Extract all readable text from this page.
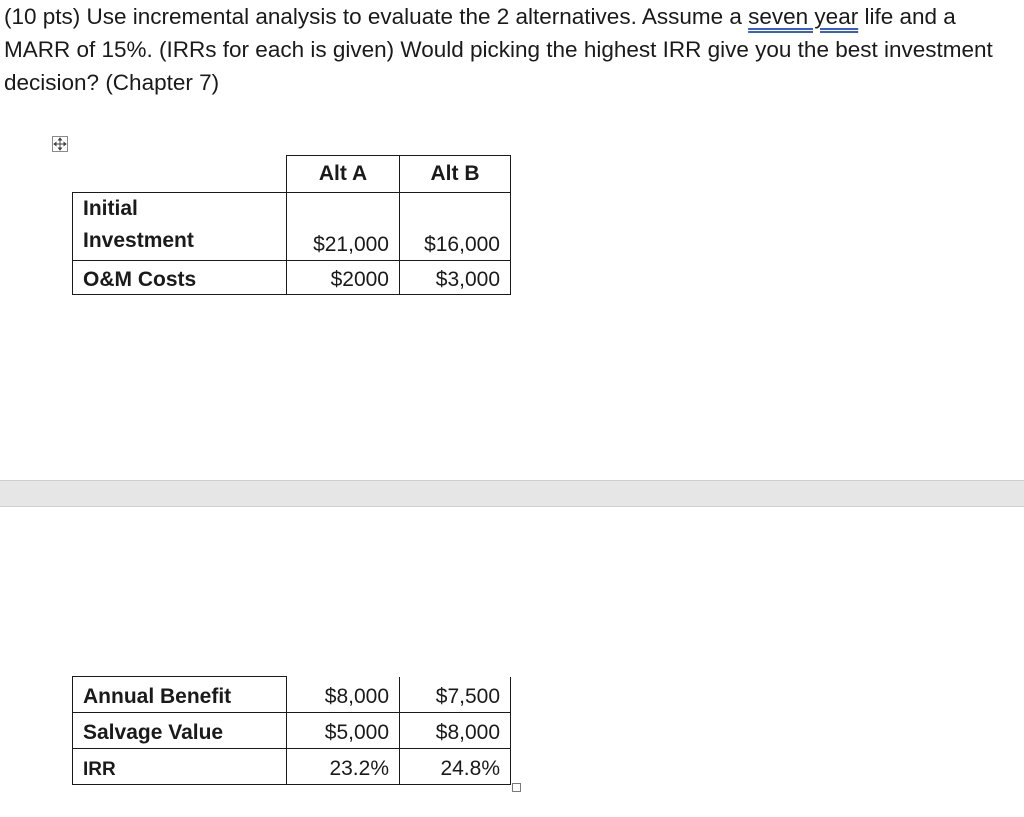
(10 pts) Use incremental analysis to evaluate the 2 alternatives. Assume a seven year life and a MARR of 15%. (IRRs for each is given) Would picking the highest IRR give you the best investment decision? (Chapter 7)

	Alt A	Alt B

Initial
Investment	$21,000	$16,000
O&M Costs	$2000	$3,000
Annual Benefit	$8,000	$7,500
Salvage Value	$5,000	$8,000
IRR	23.2%	24.8%
